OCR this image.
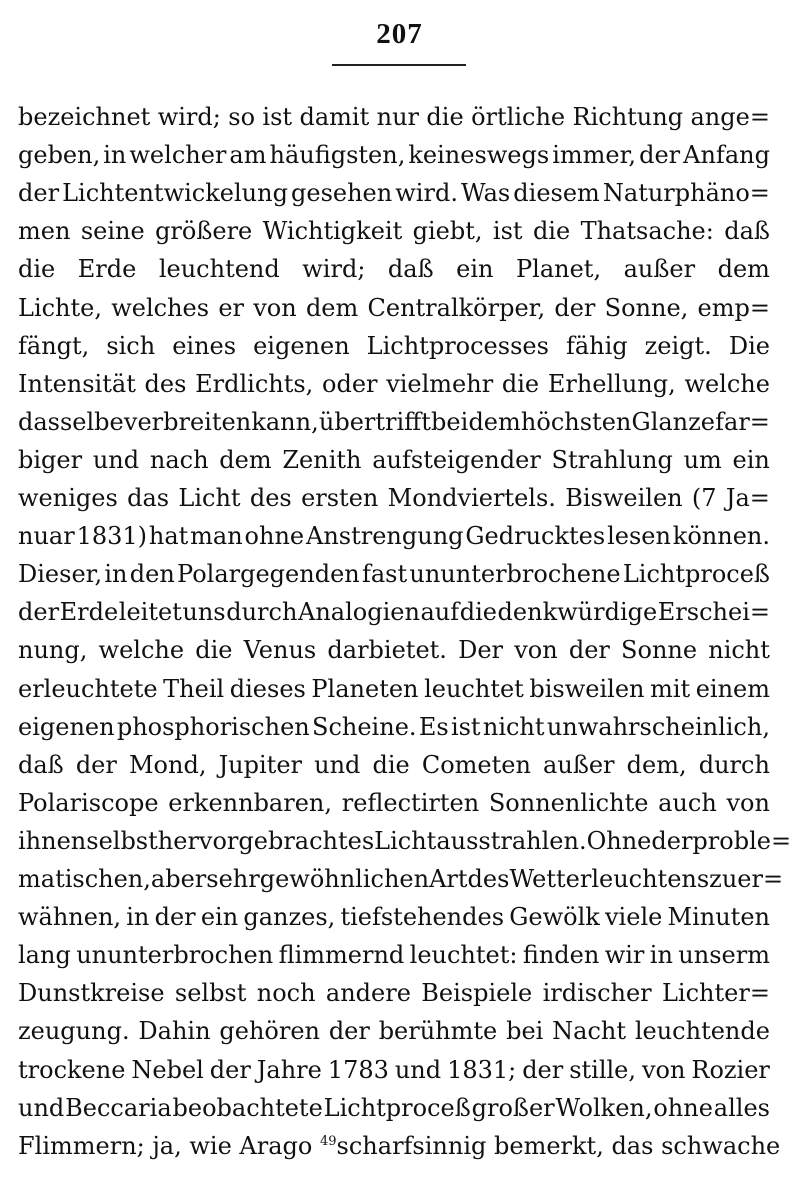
207
bezeichnet wird; so ist damit nur die örtliche Richtung ange=
geben, in welcher am häufigsten, keineswegs immer, der Anfang
der Lichtentwickelung gesehen wird. Was diesem Naturphäno=
men seine größere Wichtigkeit giebt, ist die Thatsache: daß
die Erde leuchtend wird; daß ein Planet, außer dem
Lichte, welches er von dem Centralkörper, der Sonne, emp=
fängt, sich eines eigenen Lichtprocesses fähig zeigt. Die
Intensität des Erdlichts, oder vielmehr die Erhellung, welche
dasselbe verbreiten kann, übertrifft bei dem höchsten Glanze far=
biger und nach dem Zenith aufsteigender Strahlung um ein
weniges das Licht des ersten Mondviertels. Bisweilen (7 Ja=
nuar 1831) hat man ohne Anstrengung Gedrucktes lesen können.
Dieser, in den Polargegenden fast ununterbrochene Lichtproceß
der Erde leitet uns durch Analogien auf die denkwürdige Erschei=
nung, welche die Venus darbietet. Der von der Sonne nicht
erleuchtete Theil dieses Planeten leuchtet bisweilen mit einem
eigenen phosphorischen Scheine. Es ist nicht unwahrscheinlich,
daß der Mond, Jupiter und die Cometen außer dem, durch
Polariscope erkennbaren, reflectirten Sonnenlichte auch von
ihnen selbst hervorgebrachtes Licht ausstrahlen. Ohne der proble=
matischen, aber sehr gewöhnlichen Art des Wetterleuchtens zu er=
wähnen, in der ein ganzes, tiefstehendes Gewölk viele Minuten
lang ununterbrochen flimmernd leuchtet: finden wir in unserm
Dunstkreise selbst noch andere Beispiele irdischer Lichter=
zeugung. Dahin gehören der berühmte bei Nacht leuchtende
trockene Nebel der Jahre 1783 und 1831; der stille, von Rozier
und Beccaria beobachtete Lichtproceß großer Wolken, ohne alles
Flimmern; ja, wie Arago $^{49}$ scharfsinnig bemerkt, das schwache
